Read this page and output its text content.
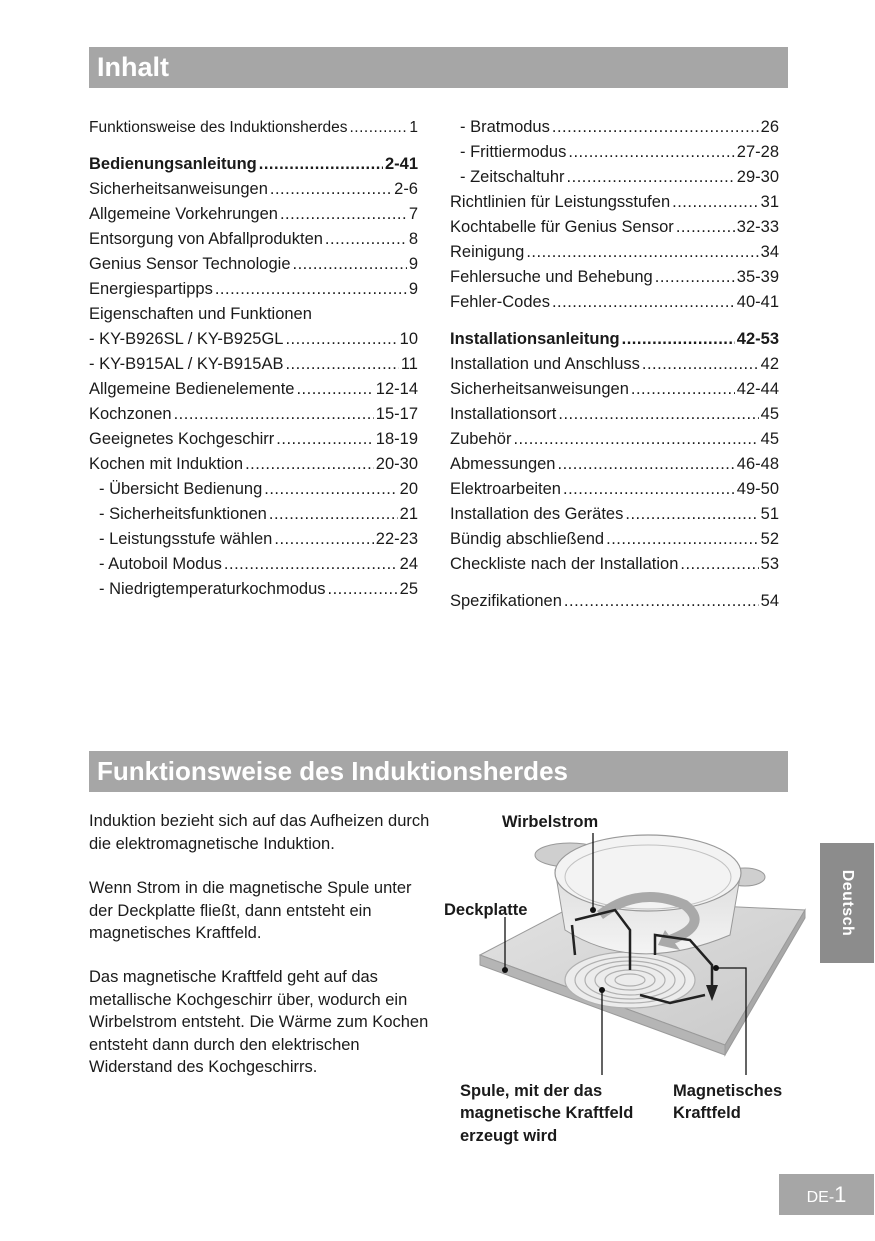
Inhalt
Funktionsweise des Induktionsherdes .....	1
Bedienungsanleitung .....	2-41
Sicherheitsanweisungen .....	2-6
Allgemeine Vorkehrungen .....	7
Entsorgung von Abfallprodukten .....	8
Genius Sensor Technologie .....	9
Energiespartipps .....	9
Eigenschaften und Funktionen
- KY-B926SL / KY-B925GL .....	10
- KY-B915AL / KY-B915AB .....	11
Allgemeine Bedienelemente .....	12-14
Kochzonen .....	15-17
Geeignetes Kochgeschirr .....	18-19
Kochen mit Induktion .....	20-30
- Übersicht Bedienung .....	20
- Sicherheitsfunktionen .....	21
- Leistungsstufe wählen .....	22-23
- Autoboil Modus .....	24
- Niedrigtemperaturkochmodus .....	25
- Bratmodus .....	26
- Frittiermodus .....	27-28
- Zeitschaltuhr .....	29-30
Richtlinien für Leistungsstufen .....	31
Kochtabelle für Genius Sensor .....	32-33
Reinigung .....	34
Fehlersuche und Behebung .....	35-39
Fehler-Codes .....	40-41
Installationsanleitung .....	42-53
Installation und Anschluss .....	42
Sicherheitsanweisungen .....	42-44
Installationsort .....	45
Zubehör .....	45
Abmessungen .....	46-48
Elektroarbeiten .....	49-50
Installation des Gerätes .....	51
Bündig abschließend .....	52
Checkliste nach der Installation .....	53
Spezifikationen .....	54
Funktionsweise des Induktionsherdes

Induktion bezieht sich auf das Aufheizen durch die elektromagnetische Induktion.

Wenn Strom in die magnetische Spule unter der Deckplatte fließt, dann entsteht ein magnetisches Kraftfeld.

Das magnetische Kraftfeld geht auf das metallische Kochgeschirr über, wodurch ein Wirbelstrom entsteht. Die Wärme zum Kochen entsteht dann durch den elektrischen Widerstand des Kochgeschirrs.

Wirbelstrom
Deckplatte
Spule, mit der das
magnetische Kraftfeld
erzeugt wird
Magnetisches
Kraftfeld
Deutsch
DE-1
